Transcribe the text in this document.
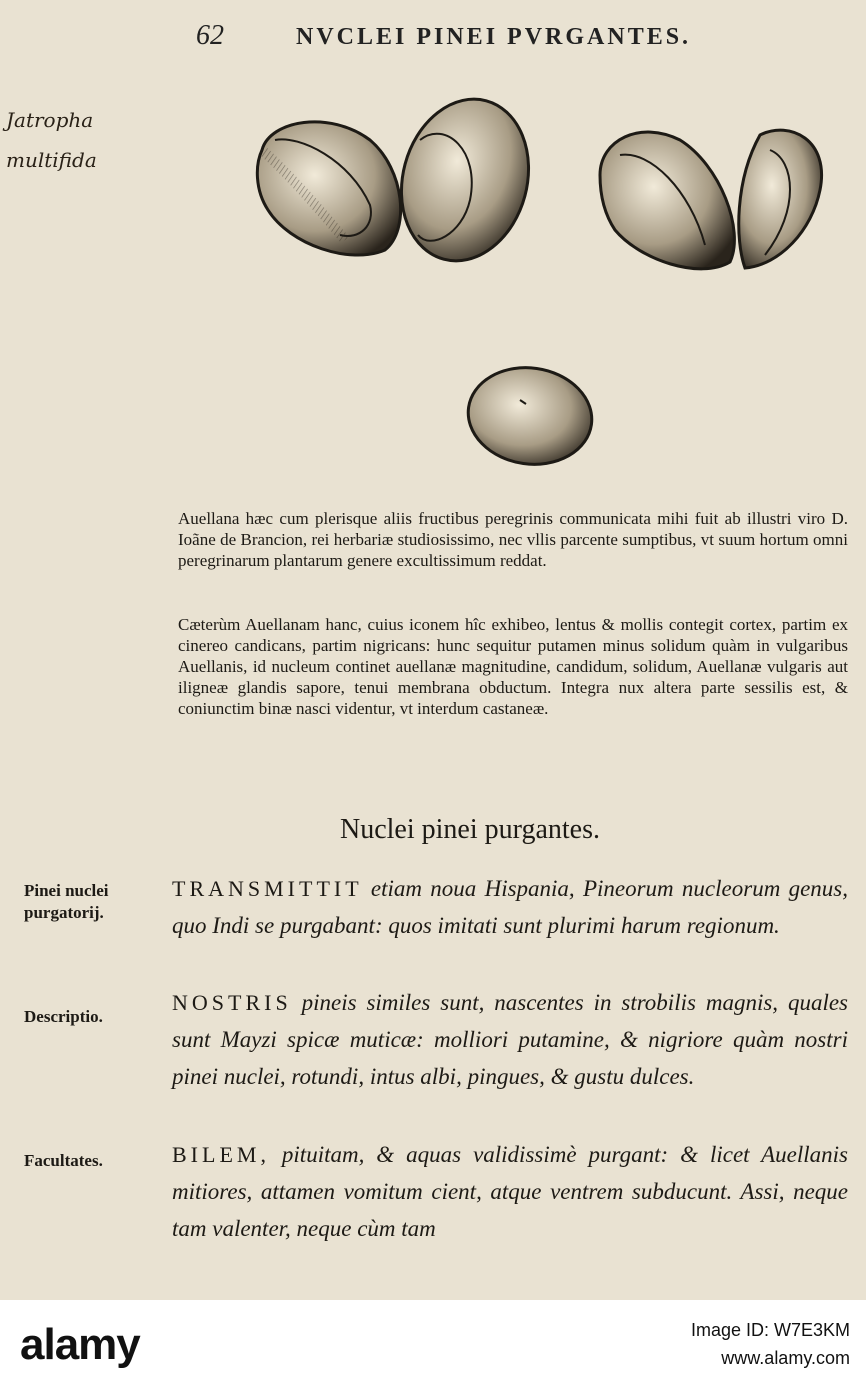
62	NVCLEI PINEI PVRGANTES.
Jatropha
multifida

Auellana hæc cum plerisque aliis fructibus peregrinis communicata mihi fuit ab illustri viro D. Ioãne de Brancion, rei herbariæ studiosissimo, nec vllis parcente sumptibus, vt suum hortum omni peregrinarum plantarum genere excultissimum reddat.

Cæterùm Auellanam hanc, cuius iconem hîc exhibeo, lentus & mollis contegit cortex, partim ex cinereo candicans, partim nigricans: hunc sequitur putamen minus solidum quàm in vulgaribus Auellanis, id nucleum continet auellanæ magnitudine, candidum, solidum, Auellanæ vulgaris aut iligneæ glandis sapore, tenui membrana obductum. Integra nux altera parte sessilis est, & coniunctim binæ nasci videntur, vt interdum castaneæ.

Nuclei pinei purgantes.
Pinei nuclei purgatorij.
TRANSMITTIT etiam noua Hispania, Pineorum nucleorum genus, quo Indi se purgabant: quos imitati sunt plurimi harum regionum.
Descriptio.
NOSTRIS pineis similes sunt, nascentes in strobilis magnis, quales sunt Mayzi spicæ muticæ: molliori putamine, & nigriore quàm nostri pinei nuclei, rotundi, intus albi, pingues, & gustu dulces.
Facultates.	BILEM, pituitam, & aquas validissimè purgant: & licet Auellanis mitiores, attamen vomitum cient, atque ventrem subducunt. Assi, neque tam valenter, neque cùm tam
alamy	Image ID: W7E3KM
www.alamy.com
